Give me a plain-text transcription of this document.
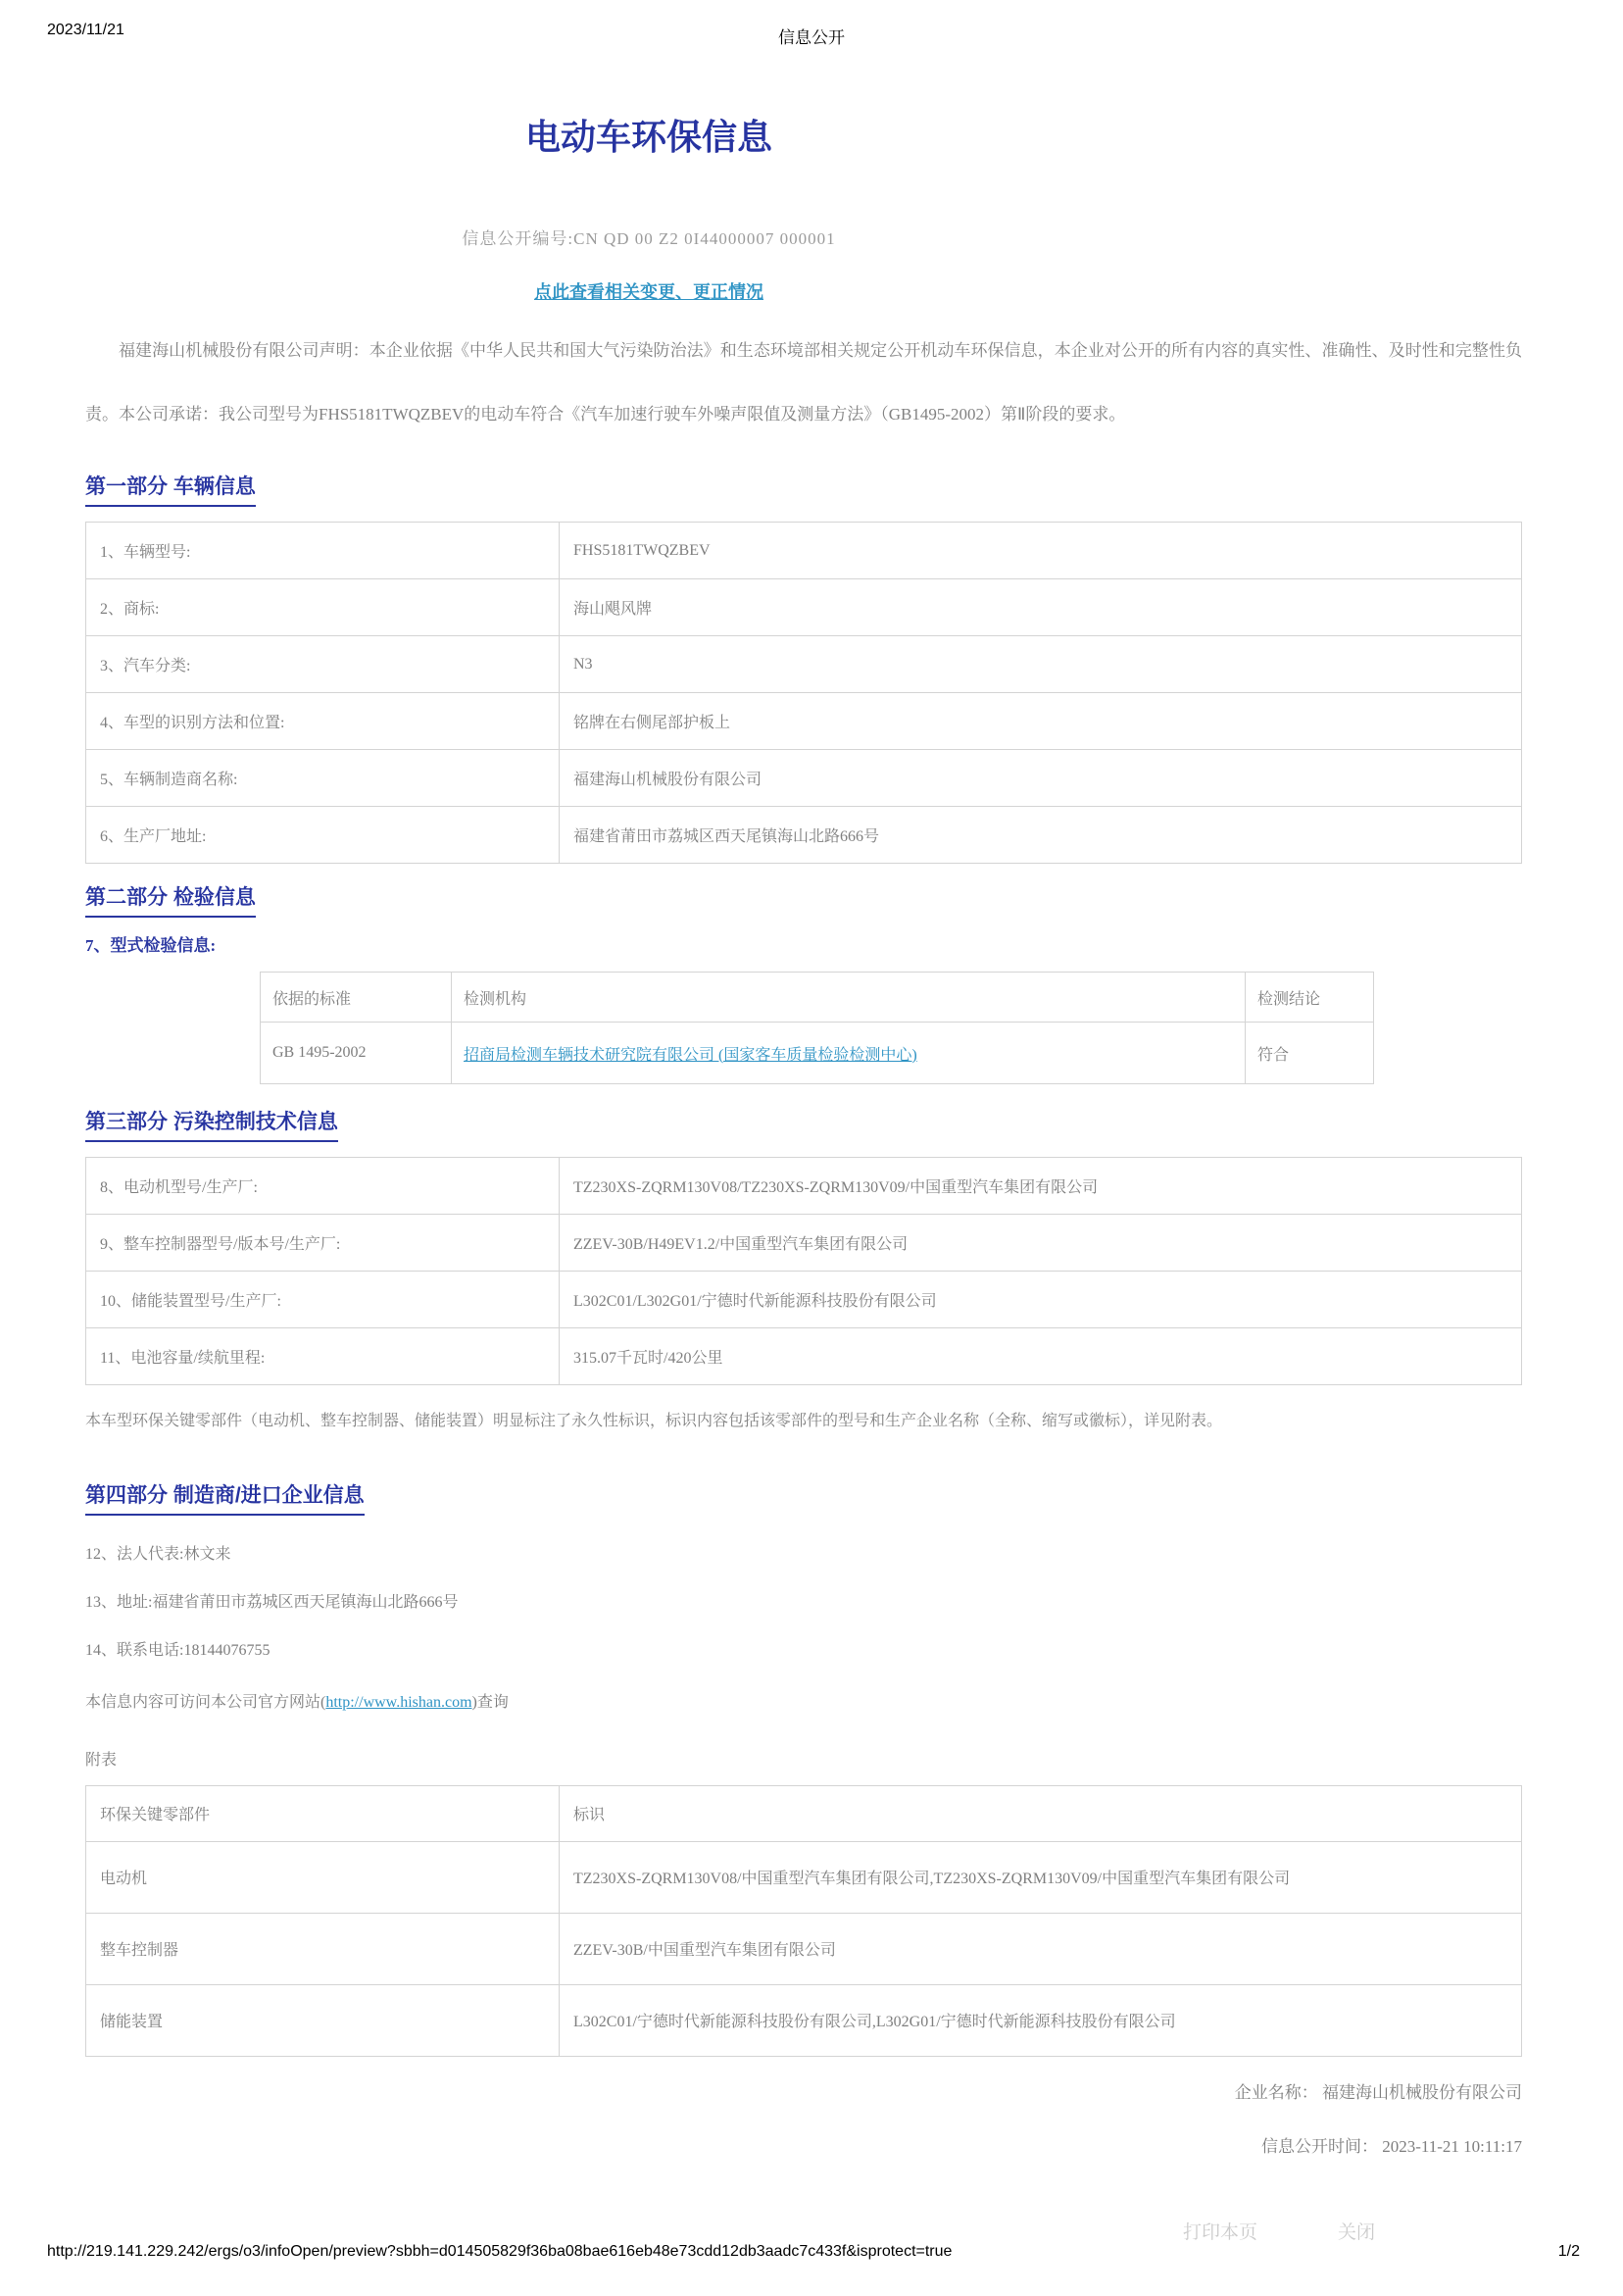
2023/11/21	信息公开
电动车环保信息
信息公开编号:CN QD 00 Z2 0I44000007 000001
点此查看相关变更、更正情况

福建海山机械股份有限公司声明：本企业依据《中华人民共和国大气污染防治法》和生态环境部相关规定公开机动车环保信息，本企业对公开的所有内容的真实性、准确性、及时性和完整性负责。本公司承诺：我公司型号为FHS5181TWQZBEV的电动车符合《汽车加速行驶车外噪声限值及测量方法》（GB1495-2002）第Ⅱ阶段的要求。

第一部分 车辆信息
1、车辆型号:	FHS5181TWQZBEV
2、商标:	海山飓风牌
3、汽车分类:	N3
4、车型的识别方法和位置:	铭牌在右侧尾部护板上
5、车辆制造商名称:	福建海山机械股份有限公司
6、生产厂地址:	福建省莆田市荔城区西天尾镇海山北路666号
第二部分 检验信息

7、型式检验信息:

依据的标准	检测机构	检测结论
GB 1495-2002	招商局检测车辆技术研究院有限公司 (国家客车质量检验检测中心)	符合
第三部分 污染控制技术信息
8、电动机型号/生产厂:	TZ230XS-ZQRM130V08/TZ230XS-ZQRM130V09/中国重型汽车集团有限公司
9、整车控制器型号/版本号/生产厂:	ZZEV-30B/H49EV1.2/中国重型汽车集团有限公司
10、储能装置型号/生产厂:	L302C01/L302G01/宁德时代新能源科技股份有限公司
11、电池容量/续航里程:	315.07千瓦时/420公里

本车型环保关键零部件（电动机、整车控制器、储能装置）明显标注了永久性标识，标识内容包括该零部件的型号和生产企业名称（全称、缩写或徽标），详见附表。

第四部分 制造商/进口企业信息

12、法人代表:林文来

13、地址:福建省莆田市荔城区西天尾镇海山北路666号

14、联系电话:18144076755

本信息内容可访问本公司官方网站(http://www.hishan.com)查询

附表

环保关键零部件	标识
电动机	TZ230XS-ZQRM130V08/中国重型汽车集团有限公司,TZ230XS-ZQRM130V09/中国重型汽车集团有限公司
整车控制器	ZZEV-30B/中国重型汽车集团有限公司
储能装置	L302C01/宁德时代新能源科技股份有限公司,L302G01/宁德时代新能源科技股份有限公司
企业名称： 福建海山机械股份有限公司
信息公开时间： 2023-11-21 10:11:17
打印本页	关闭
http://219.141.229.242/ergs/o3/infoOpen/preview?sbbh=d014505829f36ba08bae616eb48e73cdd12db3aadc7c433f&isprotect=true	1/2
